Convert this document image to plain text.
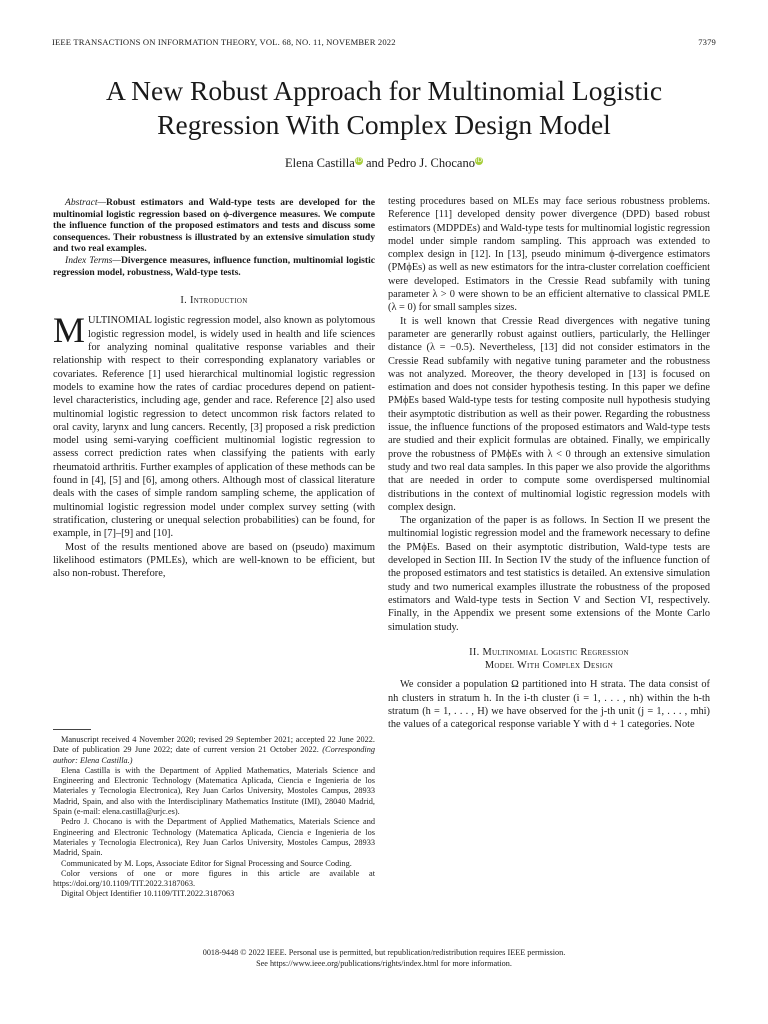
IEEE TRANSACTIONS ON INFORMATION THEORY, VOL. 68, NO. 11, NOVEMBER 2022	7379
A New Robust Approach for Multinomial Logistic
Regression With Complex Design Model
Elena CastillaiD and Pedro J. ChocanoiD

Abstract—Robust estimators and Wald-type tests are developed for the multinomial logistic regression based on ϕ-divergence measures. We compute the influence function of the proposed estimators and tests and discuss some consequences. Their robustness is illustrated by an extensive simulation study and two real examples.

Index Terms—Divergence measures, influence function, multinomial logistic regression model, robustness, Wald-type tests.

I. Introduction

MULTINOMIAL logistic regression model, also known as polytomous logistic regression model, is widely used in health and life sciences for analyzing nominal qualitative response variables and their relationship with respect to their corresponding explanatory variables or covariates. Reference [1] used hierarchical multinomial logistic regression models to examine how the rates of cardiac procedures depend on patient-level characteristics, including age, gender and race. Reference [2] also used multinomial logistic regression to detect uncommon risk factors related to oral cavity, larynx and lung cancers. Recently, [3] proposed a risk prediction model using semi-varying coefficient multinomial logistic regression to assess correct prediction rates when classifying the patients with early rheumatoid arthritis. Further examples of application of these methods can be found in [4], [5] and [6], among others. Although most of classical literature deals with the cases of simple random sampling scheme, the application of multinomial logistic regression model under complex survey setting (with stratification, clustering or unequal selection probabilities) can be found, for example, in [7]–[9] and [10].

Most of the results mentioned above are based on (pseudo) maximum likelihood estimators (PMLEs), which are well-known to be efficient, but also non-robust. Therefore,

Manuscript received 4 November 2020; revised 29 September 2021; accepted 22 June 2022. Date of publication 29 June 2022; date of current version 21 October 2022. (Corresponding author: Elena Castilla.)

Elena Castilla is with the Department of Applied Mathematics, Materials Science and Engineering and Electronic Technology (Matematica Aplicada, Ciencia e Ingenieria de los Materiales y Tecnologia Electronica), Rey Juan Carlos University, Mostoles Campus, 28933 Madrid, Spain, and also with the Interdisciplinary Mathematics Institute (IMI), 28040 Madrid, Spain (e-mail: elena.castilla@urjc.es).

Pedro J. Chocano is with the Department of Applied Mathematics, Materials Science and Engineering and Electronic Technology (Matematica Aplicada, Ciencia e Ingenieria de los Materiales y Tecnologia Electronica), Rey Juan Carlos University, Mostoles Campus, 28933 Madrid, Spain.

Communicated by M. Lops, Associate Editor for Signal Processing and Source Coding.

Color versions of one or more figures in this article are available at https://doi.org/10.1109/TIT.2022.3187063.

Digital Object Identifier 10.1109/TIT.2022.3187063

testing procedures based on MLEs may face serious robustness problems. Reference [11] developed density power divergence (DPD) based robust estimators (MDPDEs) and Wald-type tests for multinomial logistic regression model under simple random sampling. This approach was extended to complex design in [12]. In [13], pseudo minimum ϕ-divergence estimators (PMϕEs) as well as new estimators for the intra-cluster correlation coefficient were developed. Estimators in the Cressie Read subfamily with tuning parameter λ > 0 were shown to be an efficient alternative to classical PMLE (λ = 0) for small samples sizes.

It is well known that Cressie Read divergences with negative tuning parameter are generarlly robust against outliers, particularly, the Hellinger distance (λ = −0.5). Nevertheless, [13] did not consider estimators in the Cressie Read subfamily with negative tuning parameter and the robustness was not analyzed. Moreover, the theory developed in [13] is focused on estimation and does not consider hypothesis testing. In this paper we define PMϕEs based Wald-type tests for testing composite null hypothesis studying their asymptotic distribution as well as their power. Regarding the robustness issue, the influence functions of the proposed estimators and Wald-type tests are studied and their explicit formulas are obtained. Finally, we empirically prove the robustness of PMϕEs with λ < 0 through an extensive simulation study and two real data samples. In this paper we also provide the algorithms that are needed in order to compute some overdispersed multinomial distributions in the context of multinomial logistic regression models with complex design.

The organization of the paper is as follows. In Section II we present the multinomial logistic regression model and the framework necessary to define the PMϕEs. Based on their asymptotic distribution, Wald-type tests are developed in Section III. In Section IV the study of the influence function of the proposed estimators and test statistics is detailed. An extensive simulation study and two numerical examples illustrate the robustness of the proposed estimators and Wald-type tests in Section V and Section VI, respectively. Finally, in the Appendix we present some extensions of the Monte Carlo simulation study.

II. Multinomial Logistic Regression
Model With Complex Design

We consider a population Ω partitioned into H strata. The data consist of nh clusters in stratum h. In the i-th cluster (i = 1, . . . , nh) within the h-th stratum (h = 1, . . . , H) we have observed for the j-th unit (j = 1, . . . , mhi) the values of a categorical response variable Y with d + 1 categories. Note

0018-9448 © 2022 IEEE. Personal use is permitted, but republication/redistribution requires IEEE permission.
See https://www.ieee.org/publications/rights/index.html for more information.
